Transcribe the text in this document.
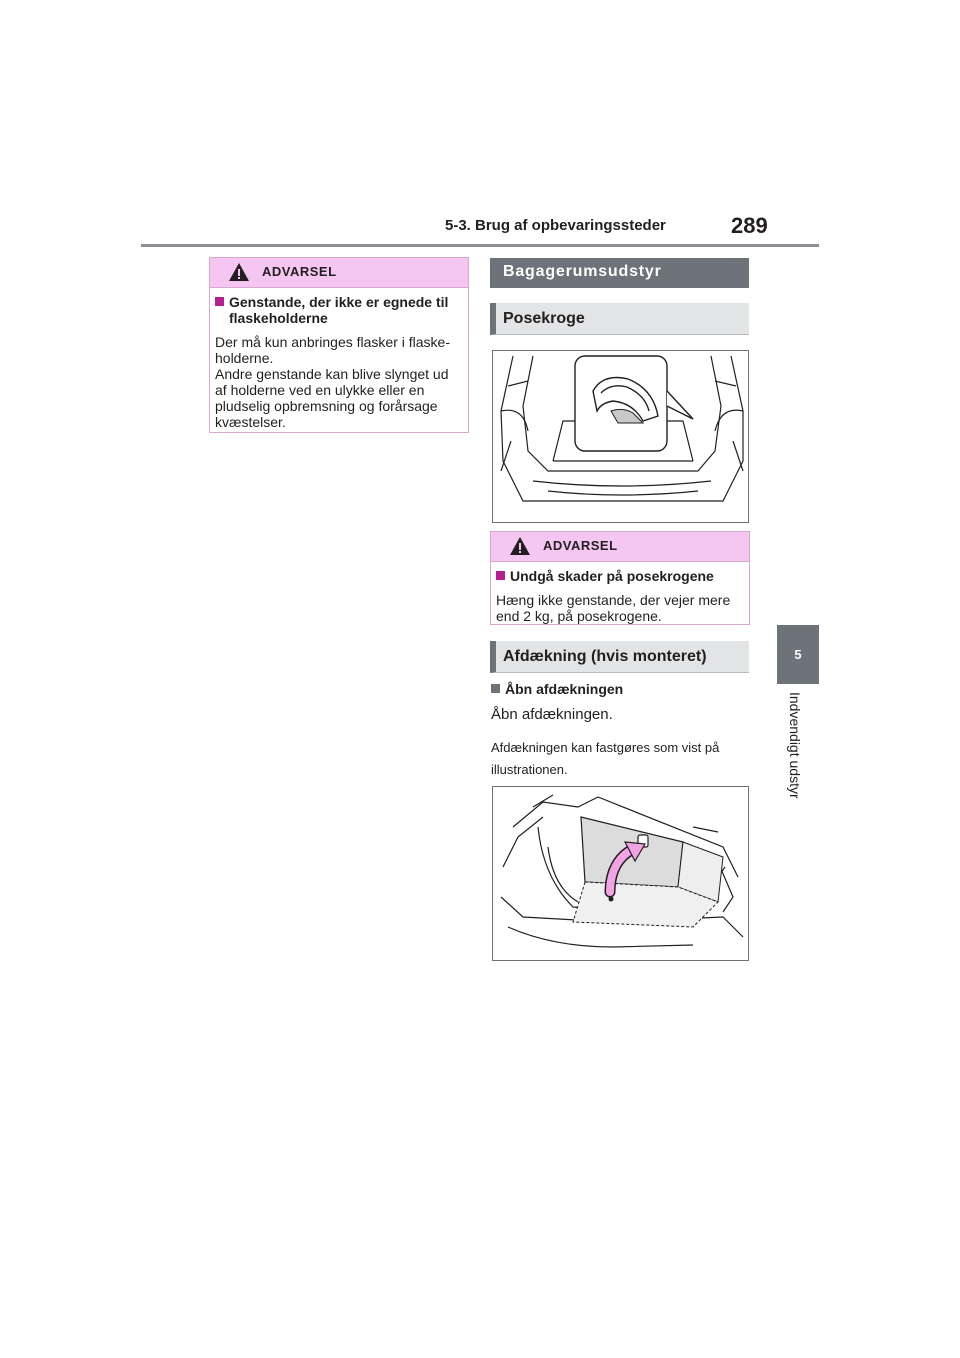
5-3. Brug af opbevaringssteder	289
5
Indvendigt udstyr
ADVARSEL
Genstande, der ikke er egnede til flaskeholderne
Der må kun anbringes flasker i flaske-holderne.
Andre genstande kan blive slynget ud af holderne ved en ulykke eller en pludselig opbremsning og forårsage kvæstelser.
Bagagerumsudstyr
Posekroge
ADVARSEL
Undgå skader på posekrogene
Hæng ikke genstande, der vejer mere end 2 kg, på posekrogene.
Afdækning (hvis monteret)
Åbn afdækningen
Åbn afdækningen.
Afdækningen kan fastgøres som vist på illustrationen.
